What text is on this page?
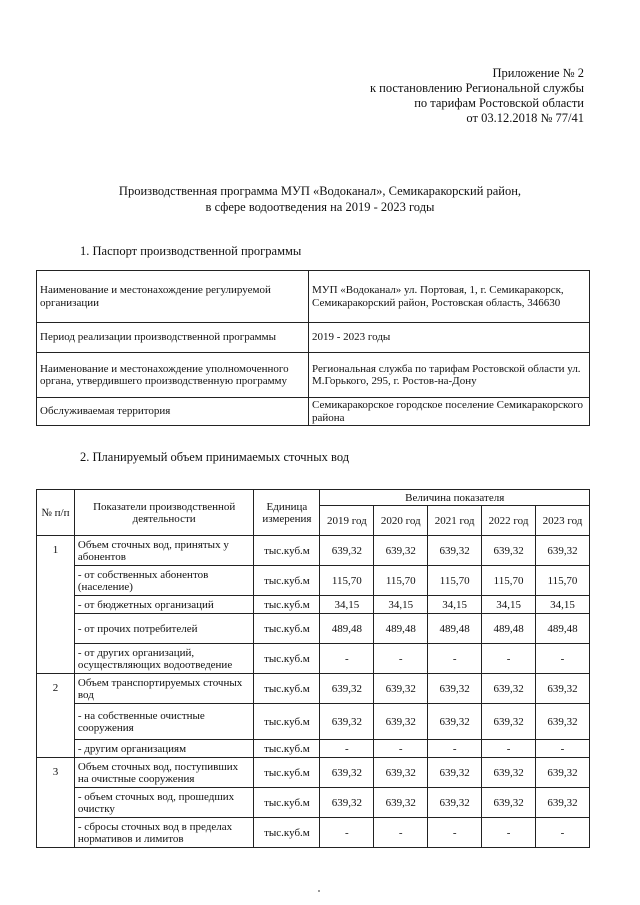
Приложение № 2
к постановлению Региональной службы
по тарифам Ростовской области
от 03.12.2018 № 77/41
Производственная программа МУП «Водоканал», Семикаракорский район,
в сфере водоотведения на 2019 - 2023 годы
1. Паспорт производственной программы
Наименование и местонахождение регулируемой организации	МУП «Водоканал» ул. Портовая, 1, г. Семикаракорск, Семикаракорский район, Ростовская область, 346630
Период реализации производственной программы	2019 - 2023 годы
Наименование и местонахождение уполномоченного органа, утвердившего производственную программу	Региональная служба по тарифам Ростовской области ул. М.Горького, 295, г. Ростов-на-Дону
Обслуживаемая территория	Семикаракорское городское поселение Семикаракорского района
2. Планируемый объем принимаемых сточных вод
№ п/п	Показатели производственной деятельности	Единица измерения	Величина показателя				
			2019 год	2020 год	2021 год	2022 год	2023 год
1	Объем сточных вод, принятых у абонентов	тыс.куб.м	639,32	639,32	639,32	639,32	639,32
	- от собственных абонентов (население)	тыс.куб.м	115,70	115,70	115,70	115,70	115,70
	- от бюджетных организаций	тыс.куб.м	34,15	34,15	34,15	34,15	34,15
	- от прочих потребителей	тыс.куб.м	489,48	489,48	489,48	489,48	489,48
	- от других организаций, осуществляющих водоотведение	тыс.куб.м	-	-	-	-	-
2	Объем транспортируемых сточных вод	тыс.куб.м	639,32	639,32	639,32	639,32	639,32
	- на собственные очистные сооружения	тыс.куб.м	639,32	639,32	639,32	639,32	639,32
	- другим организациям	тыс.куб.м	-	-	-	-	-
3	Объем сточных вод, поступивших на очистные сооружения	тыс.куб.м	639,32	639,32	639,32	639,32	639,32
	- объем сточных вод, прошедших очистку	тыс.куб.м	639,32	639,32	639,32	639,32	639,32
	- сбросы сточных вод в пределах нормативов и лимитов	тыс.куб.м	-	-	-	-	-
